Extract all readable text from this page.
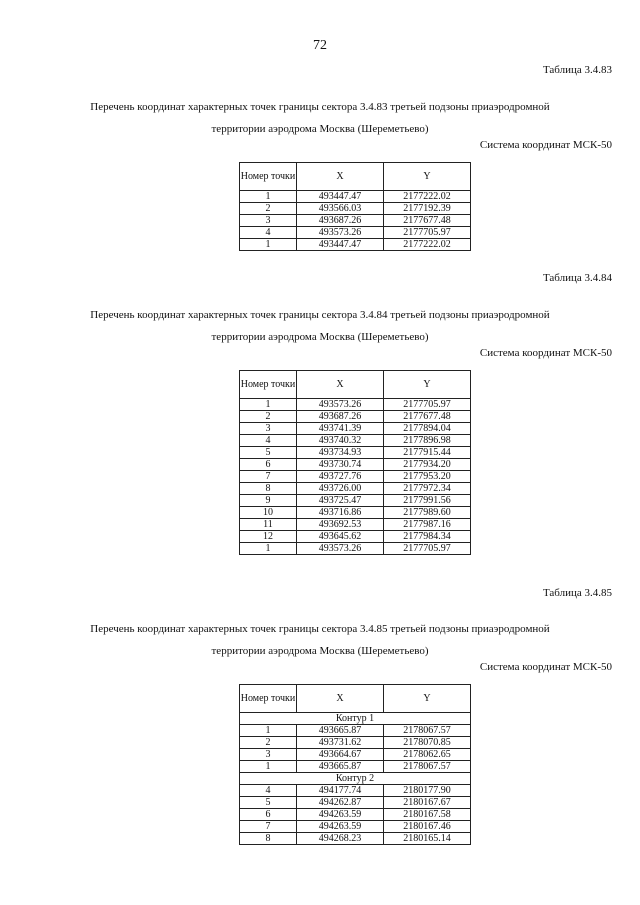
72
Таблица 3.4.83
Перечень координат характерных точек границы сектора 3.4.83 третьей подзоны приаэродромной
территории аэродрома Москва (Шереметьево)
Система координат МСК-50
Номер точки	X	Y
1	493447.47	2177222.02
2	493566.03	2177192.39
3	493687.26	2177677.48
4	493573.26	2177705.97
1	493447.47	2177222.02
Таблица 3.4.84
Перечень координат характерных точек границы сектора 3.4.84 третьей подзоны приаэродромной
территории аэродрома Москва (Шереметьево)
Система координат МСК-50
Номер точки	X	Y
1	493573.26	2177705.97
2	493687.26	2177677.48
3	493741.39	2177894.04
4	493740.32	2177896.98
5	493734.93	2177915.44
6	493730.74	2177934.20
7	493727.76	2177953.20
8	493726.00	2177972.34
9	493725.47	2177991.56
10	493716.86	2177989.60
11	493692.53	2177987.16
12	493645.62	2177984.34
1	493573.26	2177705.97
Таблица 3.4.85
Перечень координат характерных точек границы сектора 3.4.85 третьей подзоны приаэродромной
территории аэродрома Москва (Шереметьево)
Система координат МСК-50
Номер точки	X	Y
Контур 1		
1	493665.87	2178067.57
2	493731.62	2178070.85
3	493664.67	2178062.65
1	493665.87	2178067.57
Контур 2		
4	494177.74	2180177.90
5	494262.87	2180167.67
6	494263.59	2180167.58
7	494263.59	2180167.46
8	494268.23	2180165.14
